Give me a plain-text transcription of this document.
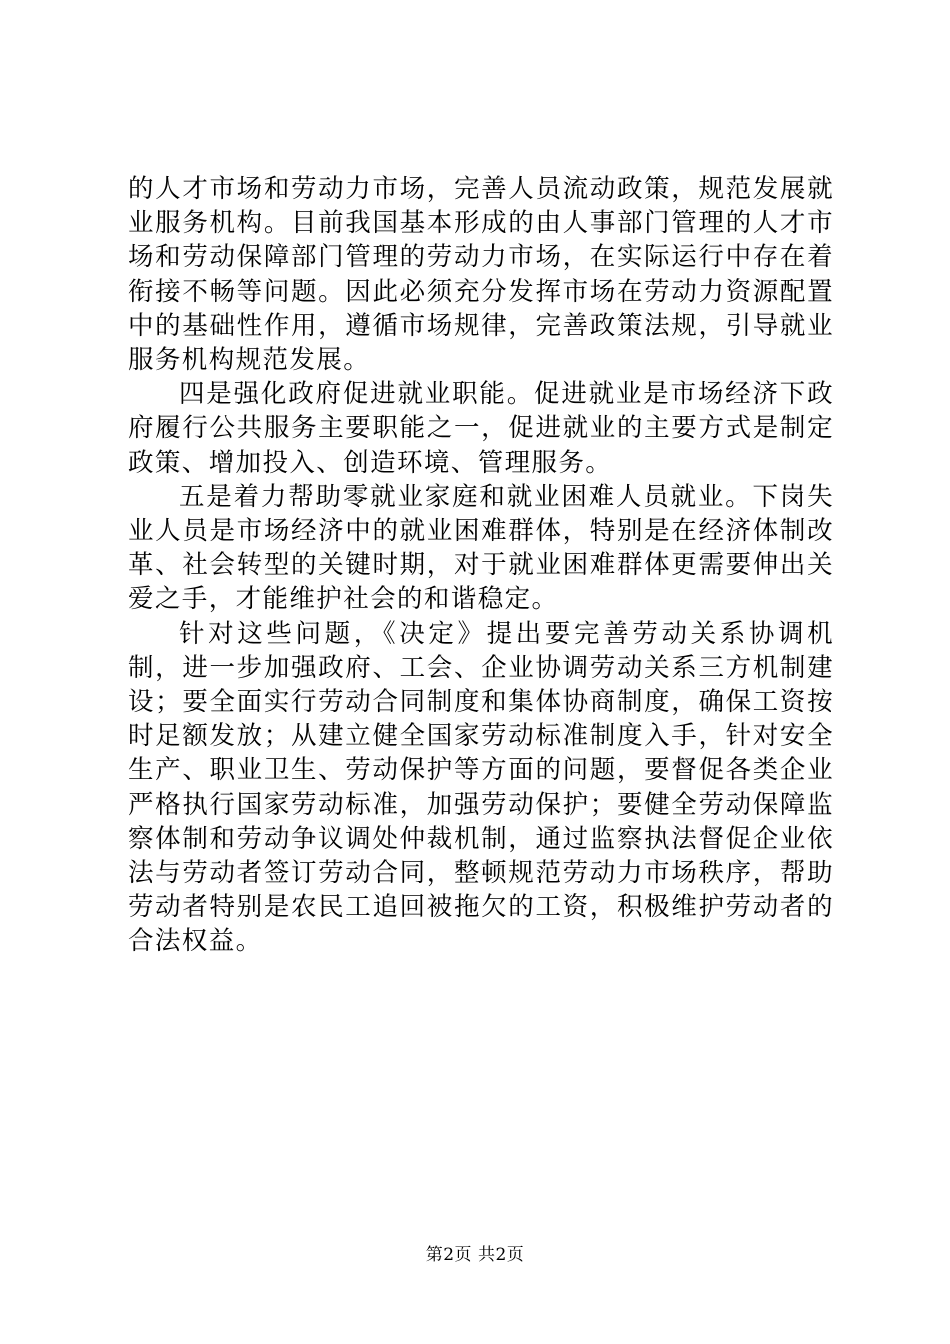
的人才市场和劳动力市场，完善人员流动政策，规范发展就业服务机构。目前我国基本形成的由人事部门管理的人才市场和劳动保障部门管理的劳动力市场，在实际运行中存在着衔接不畅等问题。因此必须充分发挥市场在劳动力资源配置中的基础性作用，遵循市场规律，完善政策法规，引导就业服务机构规范发展。

四是强化政府促进就业职能。促进就业是市场经济下政府履行公共服务主要职能之一，促进就业的主要方式是制定政策、增加投入、创造环境、管理服务。

五是着力帮助零就业家庭和就业困难人员就业。下岗失业人员是市场经济中的就业困难群体，特别是在经济体制改革、社会转型的关键时期，对于就业困难群体更需要伸出关爱之手，才能维护社会的和谐稳定。

针对这些问题，《决定》提出要完善劳动关系协调机制，进一步加强政府、工会、企业协调劳动关系三方机制建设；要全面实行劳动合同制度和集体协商制度，确保工资按时足额发放；从建立健全国家劳动标准制度入手，针对安全生产、职业卫生、劳动保护等方面的问题，要督促各类企业严格执行国家劳动标准，加强劳动保护；要健全劳动保障监察体制和劳动争议调处仲裁机制，通过监察执法督促企业依法与劳动者签订劳动合同，整顿规范劳动力市场秩序，帮助劳动者特别是农民工追回被拖欠的工资，积极维护劳动者的合法权益。

第2页 共2页
